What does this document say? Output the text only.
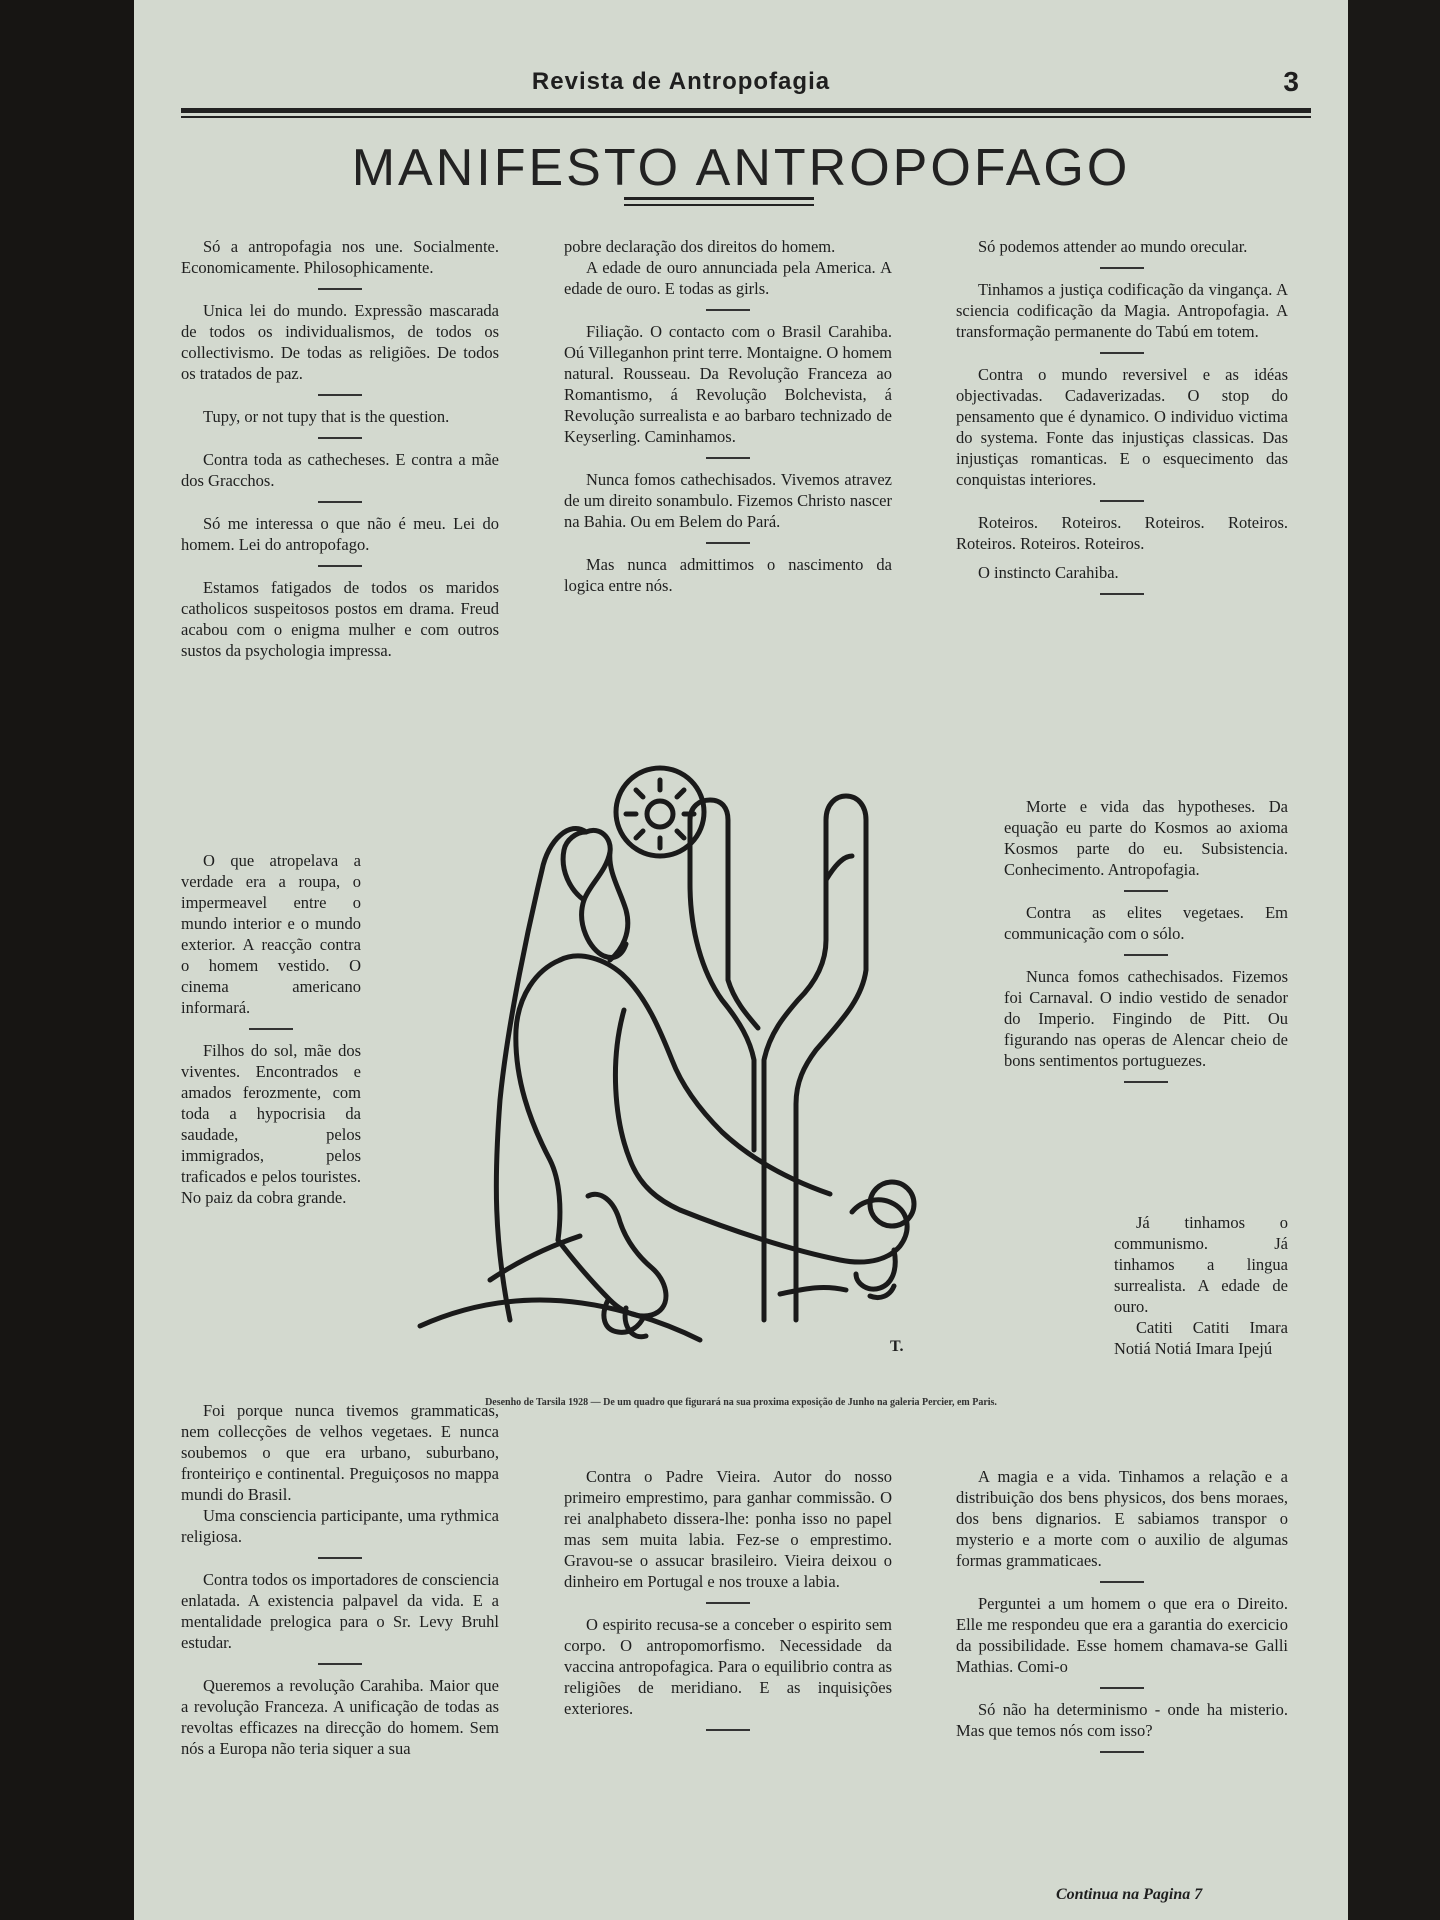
Revista de Antropofagia	3
MANIFESTO ANTROPOFAGO

Só a antropofagia nos une. Socialmente. Economicamente. Philosophicamente.

Unica lei do mundo. Expressão mascarada de todos os individualismos, de todos os collectivismo. De todas as religiões. De todos os tratados de paz.

Tupy, or not tupy that is the question.

Contra toda as cathecheses. E contra a mãe dos Gracchos.

Só me interessa o que não é meu. Lei do homem. Lei do antropofago.

Estamos fatigados de todos os maridos catholicos suspeitosos postos em drama. Freud acabou com o enigma mulher e com outros sustos da psychologia impressa.

O que atropelava a verdade era a roupa, o impermeavel entre o mundo interior e o mundo exterior. A reacção contra o homem vestido. O cinema americano informará.

Filhos do sol, mãe dos viventes. Encontrados e amados ferozmente, com toda a hypocrisia da saudade, pelos immigrados, pelos traficados e pelos touristes. No paiz da cobra grande.

Foi porque nunca tivemos grammaticas, nem collecções de velhos vegetaes. E nunca soubemos o que era urbano, suburbano, fronteiriço e continental. Preguiçosos no mappa mundi do Brasil.

Uma consciencia participante, uma rythmica religiosa.

Contra todos os importadores de consciencia enlatada. A existencia palpavel da vida. E a mentalidade prelogica para o Sr. Levy Bruhl estudar.

Queremos a revolução Carahiba. Maior que a revolução Franceza. A unificação de todas as revoltas efficazes na direcção do homem. Sem nós a Europa não teria siquer a sua

pobre declaração dos direitos do homem.

A edade de ouro annunciada pela America. A edade de ouro. E todas as girls.

Filiação. O contacto com o Brasil Carahiba. Oú Villeganhon print terre. Montaigne. O homem natural. Rousseau. Da Revolução Franceza ao Romantismo, á Revolução Bolchevista, á Revolução surrealista e ao barbaro technizado de Keyserling. Caminhamos.

Nunca fomos cathechisados. Vivemos atravez de um direito sonambulo. Fizemos Christo nascer na Bahia. Ou em Belem do Pará.

Mas nunca admittimos o nascimento da logica entre nós.

Contra o Padre Vieira. Autor do nosso primeiro emprestimo, para ganhar commissão. O rei analphabeto dissera-lhe: ponha isso no papel mas sem muita labia. Fez-se o emprestimo. Gravou-se o assucar brasileiro. Vieira deixou o dinheiro em Portugal e nos trouxe a labia.

O espirito recusa-se a conceber o espirito sem corpo. O antropomorfismo. Necessidade da vaccina antropofagica. Para o equilibrio contra as religiões de meridiano. E as inquisições exteriores.

Só podemos attender ao mundo orecular.

Tinhamos a justiça codificação da vingança. A sciencia codificação da Magia. Antropofagia. A transformação permanente do Tabú em totem.

Contra o mundo reversivel e as idéas objectivadas. Cadaverizadas. O stop do pensamento que é dynamico. O individuo victima do systema. Fonte das injustiças classicas. Das injustiças romanticas. E o esquecimento das conquistas interiores.

Roteiros. Roteiros. Roteiros. Roteiros. Roteiros. Roteiros. Roteiros.

O instincto Carahiba.

Morte e vida das hypotheses. Da equação eu parte do Kosmos ao axioma Kosmos parte do eu. Subsistencia. Conhecimento. Antropofagia.

Contra as elites vegetaes. Em communicação com o sólo.

Nunca fomos cathechisados. Fizemos foi Carnaval. O indio vestido de senador do Imperio. Fingindo de Pitt. Ou figurando nas operas de Alencar cheio de bons sentimentos portuguezes.

Já tinhamos o communismo. Já tinhamos a lingua surrealista. A edade de ouro.

Catiti Catiti Imara Notiá Notiá Imara Ipejú

A magia e a vida. Tinhamos a relação e a distribuição dos bens physicos, dos bens moraes, dos bens dignarios. E sabiamos transpor o mysterio e a morte com o auxilio de algumas formas grammaticaes.

Perguntei a um homem o que era o Direito. Elle me respondeu que era a garantia do exercicio da possibilidade. Esse homem chamava-se Galli Mathias. Comi-o

Só não ha determinismo - onde ha misterio. Mas que temos nós com isso?

T.
Desenho de Tarsila 1928 — De um quadro que figurará na sua proxima exposição de Junho na galeria Percier, em Paris.
Continua na Pagina 7
